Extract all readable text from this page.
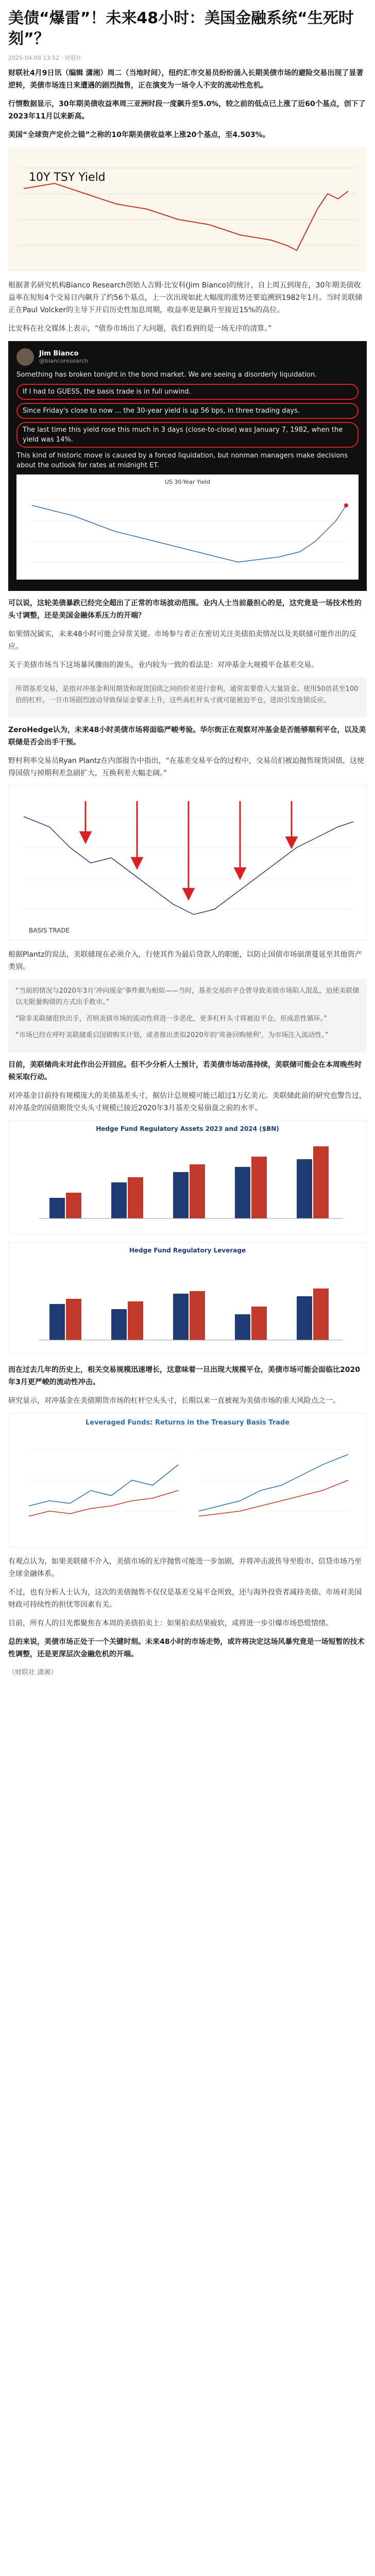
美债“爆雷”！未来48小时：美国金融系统“生死时刻”？
2025-04-09 13:52 · 财联社

财联社4月9日讯（编辑 潇湘）周二（当地时间），纽约汇市交易员纷纷涌入长期美债市场的避险交易出现了显著逆转，美债市场连日来遭遇的剧烈抛售，正在演变为一场令人不安的流动性危机。

行情数据显示，30年期美债收益率周三亚洲时段一度飙升至5.0%，较之前的低点已上涨了近60个基点，创下了2023年11月以来新高。

美国“全球资产定价之锚”之称的10年期美债收益率上涨20个基点，至4.503%。

10Y TSY Yield

根据著名研究机构Bianco Research创始人吉姆·比安科(Jim Bianco)的统计，自上周五到现在，30年期美债收益率在短短4个交易日内飙升了约56个基点，上一次出现如此大幅度的涨势还要追溯到1982年1月。当时美联储正在Paul Volcker的主导下开启历史性加息周期，收益率更是飙升至接近15%的高位。

比安科在社交媒体上表示，“债券市场出了大问题，我们看到的是一场无序的清算。”

Jim Bianco
@biancoresearch

Something has broken tonight in the bond market. We are seeing a disorderly liquidation.

If I had to GUESS, the basis trade is in full unwind.
Since Friday's close to now ... the 30-year yield is up 56 bps, in three trading days.
The last time this yield rose this much in 3 days (close-to-close) was January 7, 1982, when the yield was 14%.

This kind of historic move is caused by a forced liquidation, but nonman managers make decisions about the outlook for rates at midnight ET.

US 30-Year Yield

可以说，这轮美债暴跌已经完全超出了正常的市场波动范围。业内人士当前最担心的是，这究竟是一场技术性的头寸调整，还是美国金融体系压力的开端？

如果情况属实，未来48小时可能会异常关键。市场参与者正在密切关注美债拍卖情况以及美联储可能作出的反应。

关于美债市场当下这场暴风骤雨的源头，业内较为一致的看法是：对冲基金大规模平仓基差交易。

所谓基差交易，是指对冲基金利用期货和现货国债之间的价差进行套利，通常需要借入大量资金、使用50倍甚至100倍的杠杆。一旦市场剧烈波动导致保证金要求上升，这些高杠杆头寸就可能被迫平仓，进而引发连锁反应。

ZeroHedge认为，未来48小时美债市场将面临严峻考验。华尔街正在观察对冲基金是否能够顺利平仓，以及美联储是否会出手干预。

野村利率交易员Ryan Plantz在内部报告中指出，“在基差交易平仓的过程中，交易员们被迫抛售现货国债，这使得国债与掉期利差急剧扩大，互换利差大幅走阔。”

BASIS TRADE

根据Plantz的说法，美联储现在必须介入，行使其作为最后贷款人的职能，以防止国债市场崩溃蔓延至其他资产类别。

“当前的情况与2020年3月‘冲向现金’事件颇为相似——当时，基差交易的平仓曾导致美债市场陷入混乱，迫使美联储以无限量购债的方式出手救市。”

“除非美联储很快出手，否则美债市场的流动性将进一步恶化，更多杠杆头寸将被迫平仓，形成恶性循环。”

“市场已经在呼吁美联储重启国债购买计划，或者推出类似2020年的‘常备回购便利’，为市场注入流动性。”

目前，美联储尚未对此作出公开回应。但不少分析人士预计，若美债市场动荡持续，美联储可能会在本周晚些时候采取行动。

对冲基金目前持有规模庞大的美债基差头寸，据估计总规模可能已超过1万亿美元。美联储此前的研究也警告过，对冲基金的国债期货空头头寸规模已接近2020年3月基差交易崩盘之前的水平。

Hedge Fund Regulatory Assets 2023 and 2024 ($BN)
Hedge Fund Regulatory Leverage

而在过去几年的历史上，相关交易规模迅速增长，这意味着一旦出现大规模平仓，美债市场可能会面临比2020年3月更严峻的流动性冲击。

研究显示，对冲基金在美债期货市场的杠杆空头头寸，长期以来一直被视为美债市场的重大风险点之一。

Leveraged Funds: Returns in the Treasury Basis Trade

有观点认为，如果美联储不介入，美债市场的无序抛售可能进一步加剧，并将冲击波传导至股市、信贷市场乃至全球金融体系。

不过，也有分析人士认为，这次的美债抛售不仅仅是基差交易平仓所致，还与海外投资者减持美债、市场对美国财政可持续性的担忧等因素有关。

目前，所有人的目光都聚焦在本周的美债拍卖上：如果拍卖结果疲软，或将进一步引爆市场恐慌情绪。

总的来说，美债市场正处于一个关键时刻。未来48小时的市场走势，或许将决定这场风暴究竟是一场短暂的技术性调整，还是更深层次金融危机的开端。

（财联社 潇湘）
